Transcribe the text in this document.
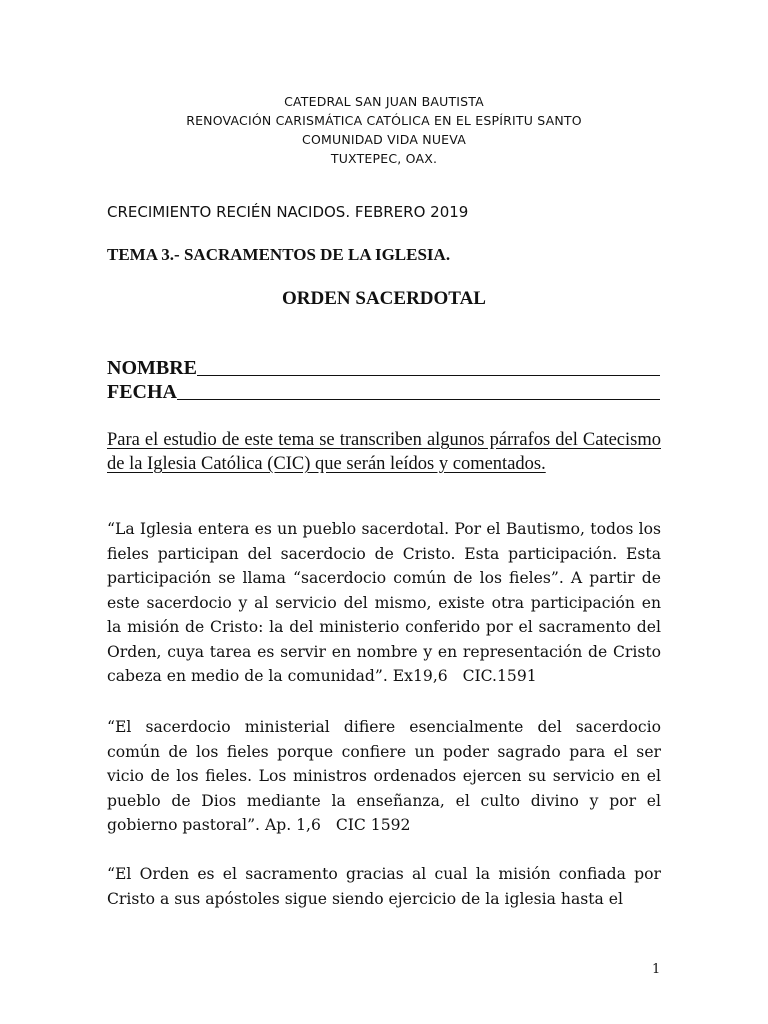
CATEDRAL SAN JUAN BAUTISTA
RENOVACIÓN CARISMÁTICA CATÓLICA EN EL ESPÍRITU SANTO
COMUNIDAD VIDA NUEVA
TUXTEPEC, OAX.
CRECIMIENTO RECIÉN NACIDOS. FEBRERO 2019
TEMA 3.- SACRAMENTOS DE LA IGLESIA.
ORDEN SACERDOTAL
NOMBRE
FECHA
Para el estudio de este tema se transcriben algunos párrafos del Catecismo de la Iglesia Católica (CIC) que serán leídos y comentados.
“La Iglesia entera es un pueblo sacerdotal. Por el Bautismo, todos los fieles participan del sacerdocio de Cristo. Esta participación. Esta participación se llama “sacerdocio común de los fieles”. A partir de este sacerdocio y al servicio del mismo, existe otra participación en la misión de Cristo: la del ministerio conferido por el sacramento del Orden, cuya tarea es servir en nombre y en representación de Cristo cabeza en medio de la comunidad”. Ex19,6 CIC.1591
“El sacerdocio ministerial difiere esencialmente del sacerdocio común de los fieles porque confiere un poder sagrado para el ser vicio de los fieles. Los ministros ordenados ejercen su servicio en el pueblo de Dios mediante la enseñanza, el culto divino y por el gobierno pastoral”. Ap. 1,6 CIC 1592
“El Orden es el sacramento gracias al cual la misión confiada por Cristo a sus apóstoles sigue siendo ejercicio de la iglesia hasta el
1
